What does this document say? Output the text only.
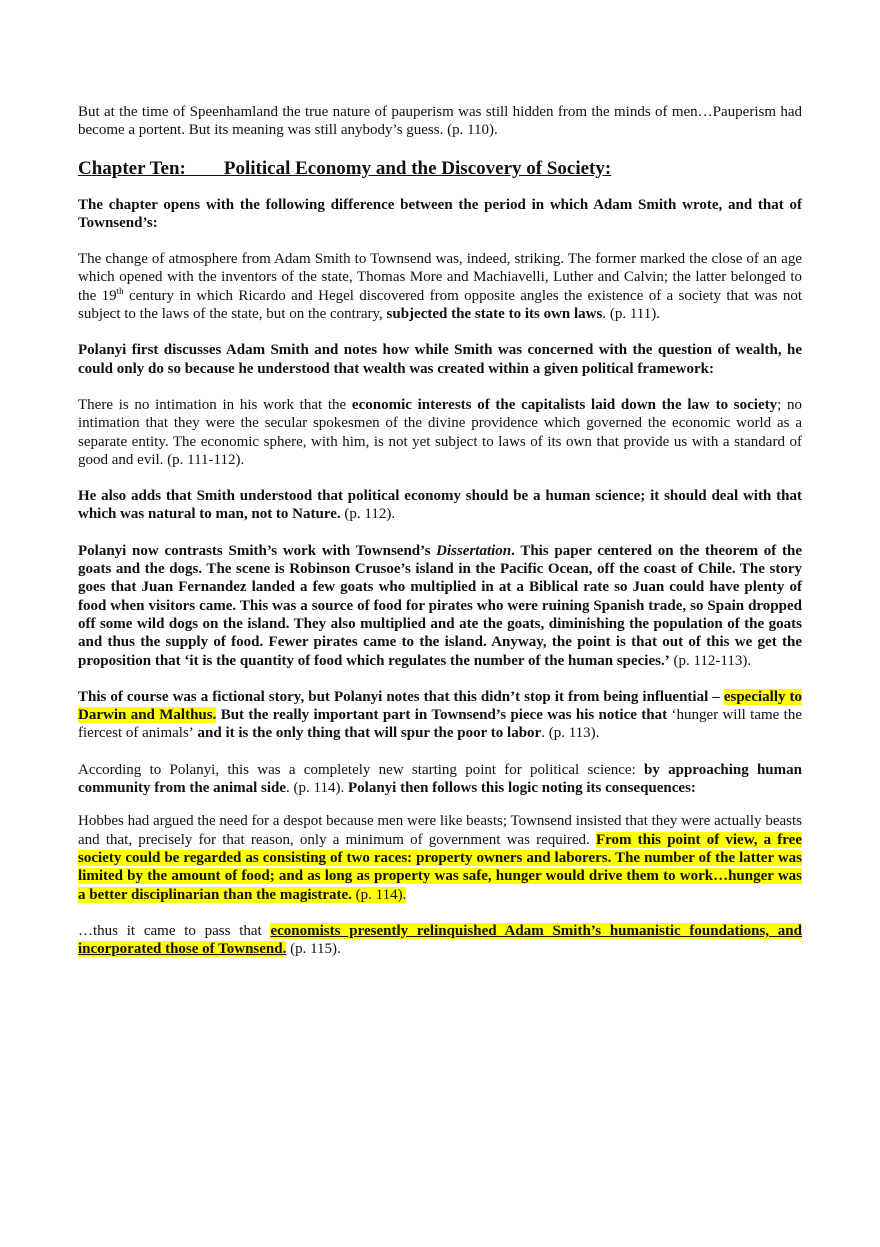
But at the time of Speenhamland the true nature of pauperism was still hidden from the minds of men…Pauperism had become a portent. But its meaning was still anybody’s guess. (p. 110).

Chapter Ten:        Political Economy and the Discovery of Society:

The chapter opens with the following difference between the period in which Adam Smith wrote, and that of Townsend’s:

The change of atmosphere from Adam Smith to Townsend was, indeed, striking. The former marked the close of an age which opened with the inventors of the state, Thomas More and Machiavelli, Luther and Calvin; the latter belonged to the 19th century in which Ricardo and Hegel discovered from opposite angles the existence of a society that was not subject to the laws of the state, but on the contrary, subjected the state to its own laws. (p. 111).

Polanyi first discusses Adam Smith and notes how while Smith was concerned with the question of wealth, he could only do so because he understood that wealth was created within a given political framework:

There is no intimation in his work that the economic interests of the capitalists laid down the law to society; no intimation that they were the secular spokesmen of the divine providence which governed the economic world as a separate entity. The economic sphere, with him, is not yet subject to laws of its own that provide us with a standard of good and evil. (p. 111-112).

He also adds that Smith understood that political economy should be a human science; it should deal with that which was natural to man, not to Nature. (p. 112).

Polanyi now contrasts Smith’s work with Townsend’s Dissertation. This paper centered on the theorem of the goats and the dogs. The scene is Robinson Crusoe’s island in the Pacific Ocean, off the coast of Chile. The story goes that Juan Fernandez landed a few goats who multiplied in at a Biblical rate so Juan could have plenty of food when visitors came. This was a source of food for pirates who were ruining Spanish trade, so Spain dropped off some wild dogs on the island. They also multiplied and ate the goats, diminishing the population of the goats and thus the supply of food. Fewer pirates came to the island. Anyway, the point is that out of this we get the proposition that ‘it is the quantity of food which regulates the number of the human species.’ (p. 112-113).

This of course was a fictional story, but Polanyi notes that this didn’t stop it from being influential – especially to Darwin and Malthus. But the really important part in Townsend’s piece was his notice that ‘hunger will tame the fiercest of animals’ and it is the only thing that will spur the poor to labor. (p. 113).

According to Polanyi, this was a completely new starting point for political science: by approaching human community from the animal side. (p. 114). Polanyi then follows this logic noting its consequences:

Hobbes had argued the need for a despot because men were like beasts; Townsend insisted that they were actually beasts and that, precisely for that reason, only a minimum of government was required. From this point of view, a free society could be regarded as consisting of two races: property owners and laborers. The number of the latter was limited by the amount of food; and as long as property was safe, hunger would drive them to work…hunger was a better disciplinarian than the magistrate. (p. 114).

…thus it came to pass that economists presently relinquished Adam Smith’s humanistic foundations, and incorporated those of Townsend. (p. 115).
